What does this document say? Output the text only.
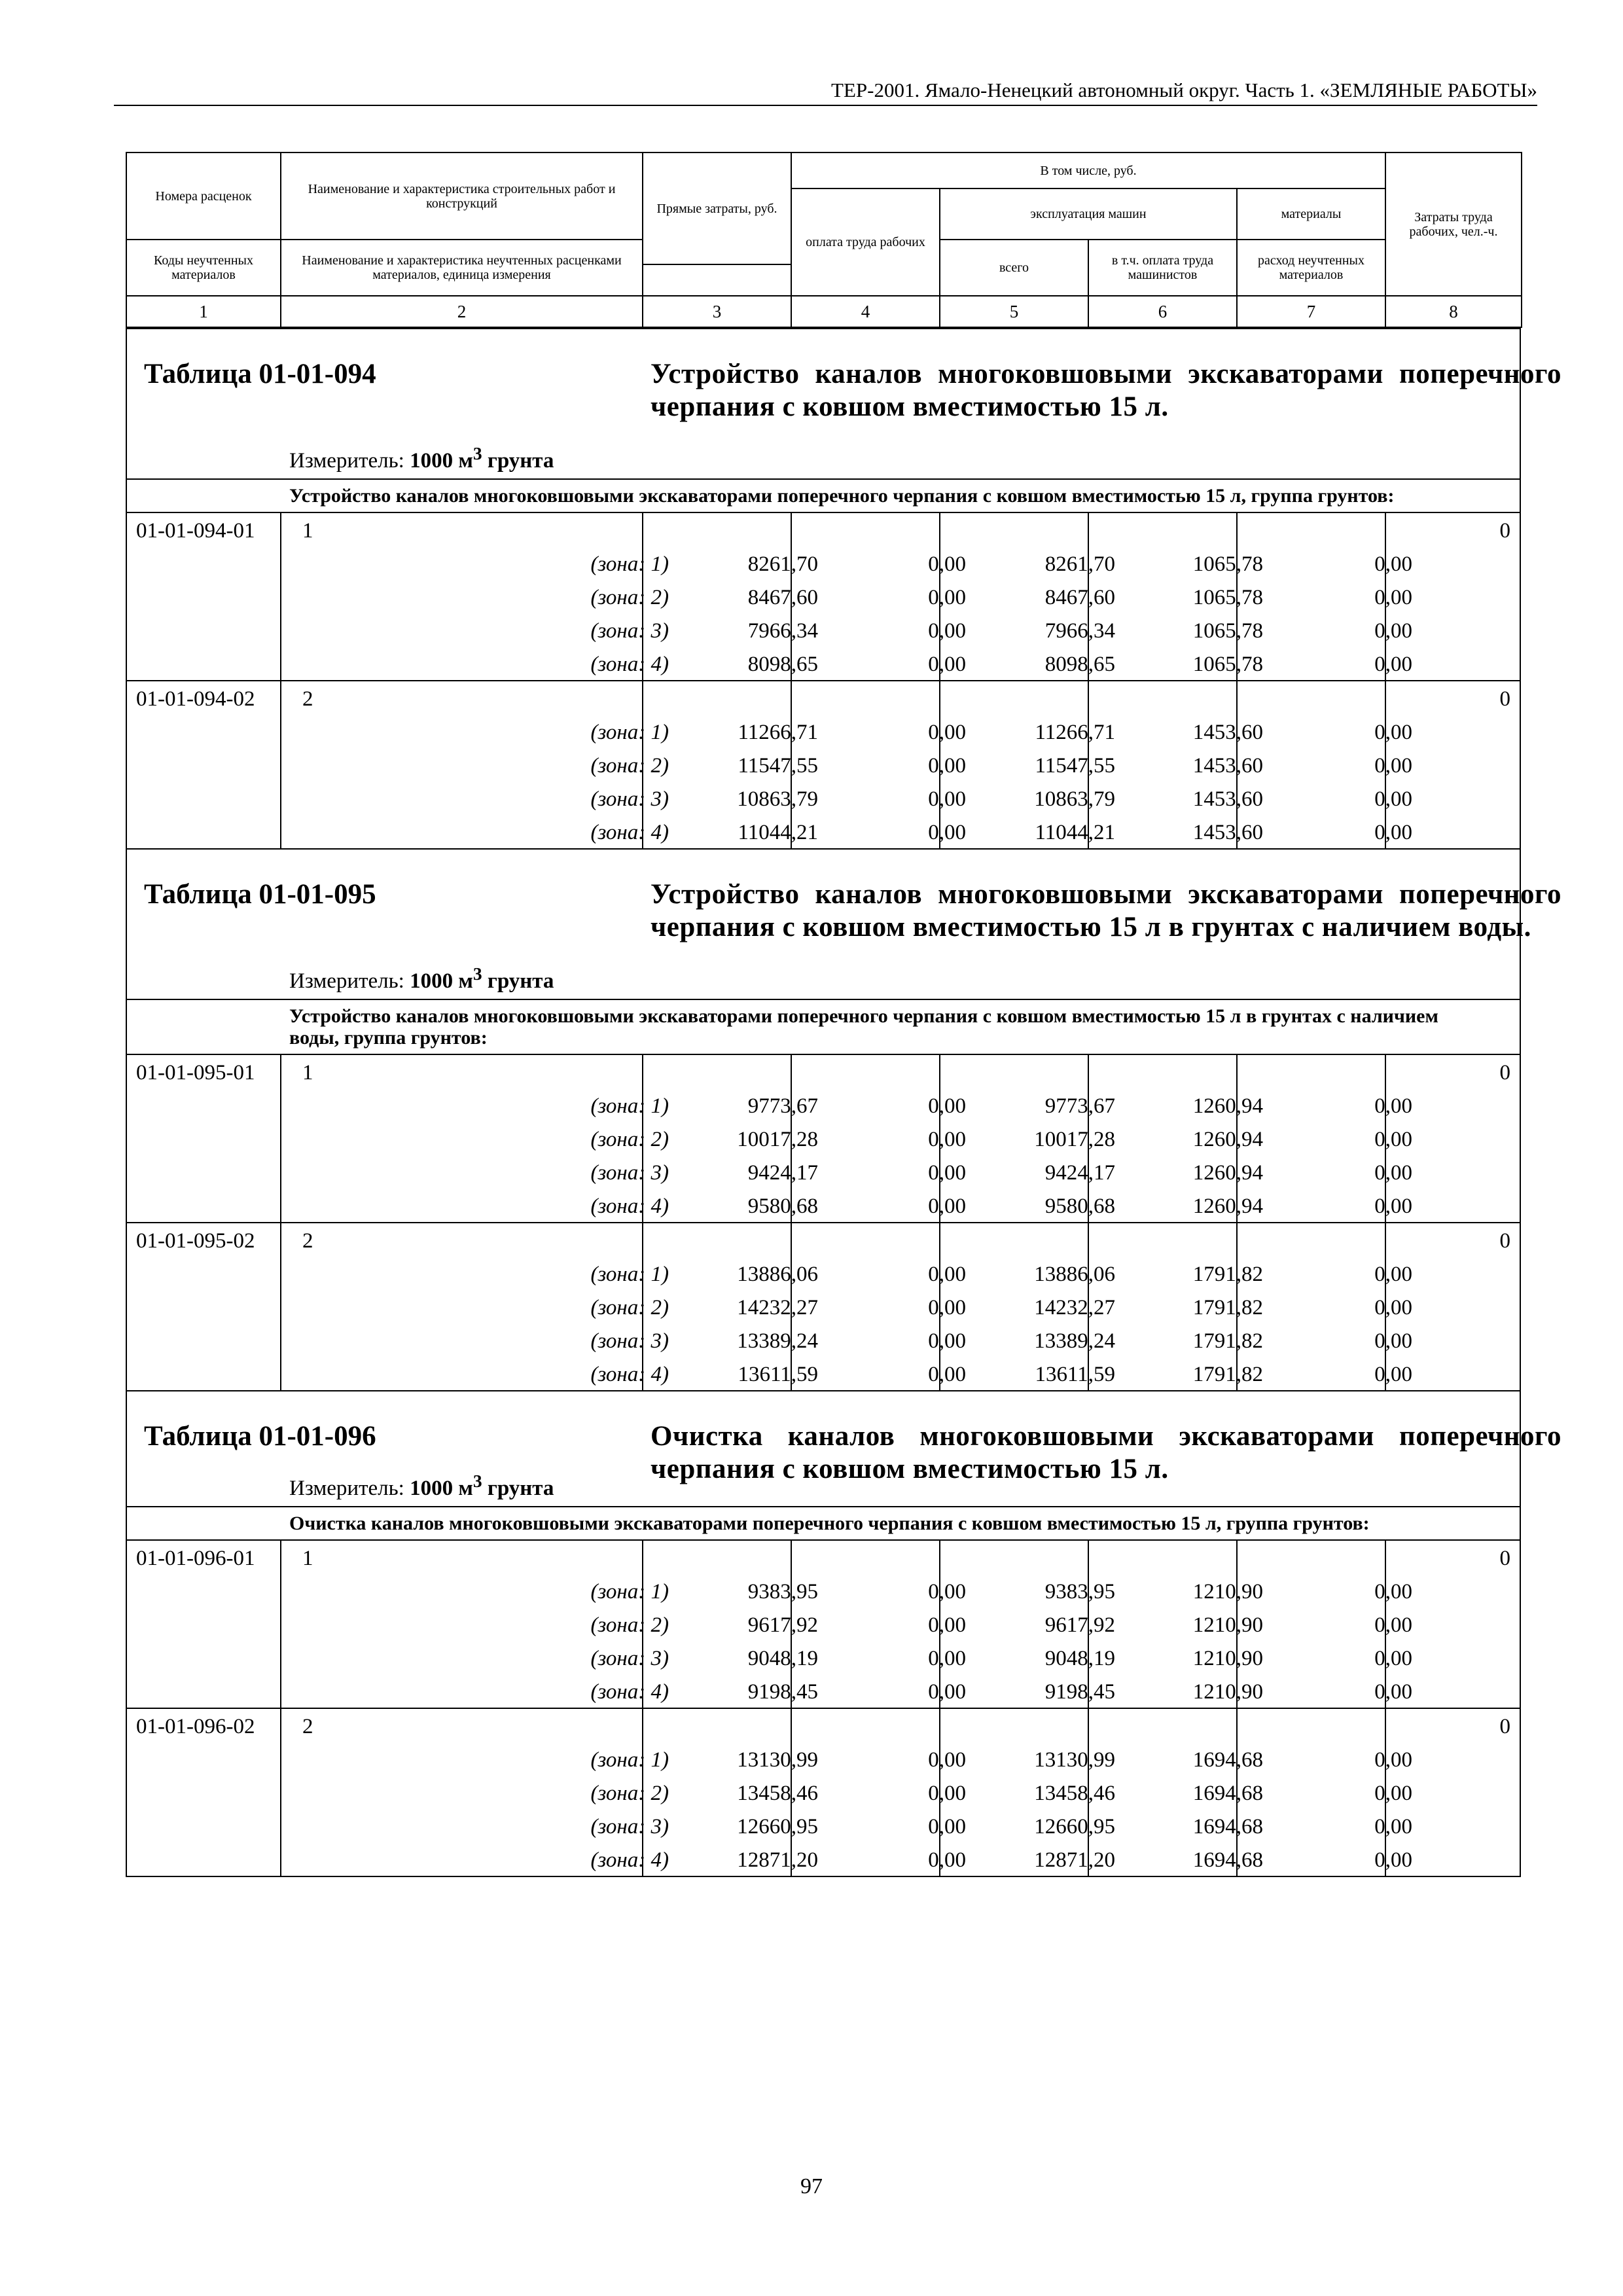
ТЕР-2001. Ямало-Ненецкий автономный округ. Часть 1. «ЗЕМЛЯНЫЕ РАБОТЫ»
Номера расценок	Наименование и характеристика строительных работ и конструкций	Прямые затраты, руб.	В том числе, руб.				Затраты труда рабочих, чел.-ч.
			оплата труда рабочих	эксплуатация машин		материалы	

Коды неучтенных материалов	Наименование и характеристика неучтенных расценками материалов, единица измерения			всего	в т.ч. оплата труда машинистов	расход неучтенных материалов	

1	2	3	4	5	6	7	8
Таблица 01-01-094	Устройство каналов многоковшовыми экскаваторами поперечного черпания с ковшом вместимостью 15 л.
Измеритель: 1000 $м^3$ грунта
Устройство каналов многоковшовыми экскаваторами поперечного черпания с ковшом вместимостью 15 л, группа грунтов:
01-01-094-01 1	0
(зона: 1)	8261,70	0,00	8261,70	1065,78	0,00
(зона: 2)	8467,60	0,00	8467,60	1065,78	0,00
(зона: 3)	7966,34	0,00	7966,34	1065,78	0,00
(зона: 4)	8098,65	0,00	8098,65	1065,78	0,00
01-01-094-02 2	0
(зона: 1)	11266,71	0,00	11266,71	1453,60	0,00
(зона: 2)	11547,55	0,00	11547,55	1453,60	0,00
(зона: 3)	10863,79	0,00	10863,79	1453,60	0,00
(зона: 4)	11044,21	0,00	11044,21	1453,60	0,00
Таблица 01-01-095	Устройство каналов многоковшовыми экскаваторами поперечного черпания с ковшом вместимостью 15 л в грунтах с наличием воды.
Измеритель: 1000 $м^3$ грунта
Устройство каналов многоковшовыми экскаваторами поперечного черпания с ковшом вместимостью 15 л в грунтах с наличием воды, группа грунтов:
01-01-095-01 1	0
(зона: 1)	9773,67	0,00	9773,67	1260,94	0,00
(зона: 2)	10017,28	0,00	10017,28	1260,94	0,00
(зона: 3)	9424,17	0,00	9424,17	1260,94	0,00
(зона: 4)	9580,68	0,00	9580,68	1260,94	0,00
01-01-095-02 2	0
(зона: 1)	13886,06	0,00	13886,06	1791,82	0,00
(зона: 2)	14232,27	0,00	14232,27	1791,82	0,00
(зона: 3)	13389,24	0,00	13389,24	1791,82	0,00
(зона: 4)	13611,59	0,00	13611,59	1791,82	0,00
Таблица 01-01-096	Очистка каналов многоковшовыми экскаваторами поперечного черпания с ковшом вместимостью 15 л.
Измеритель: 1000 $м^3$ грунта
Очистка каналов многоковшовыми экскаваторами поперечного черпания с ковшом вместимостью 15 л, группа грунтов:
01-01-096-01 1	0
(зона: 1)	9383,95	0,00	9383,95	1210,90	0,00
(зона: 2)	9617,92	0,00	9617,92	1210,90	0,00
(зона: 3)	9048,19	0,00	9048,19	1210,90	0,00
(зона: 4)	9198,45	0,00	9198,45	1210,90	0,00
01-01-096-02 2	0
(зона: 1)	13130,99	0,00	13130,99	1694,68	0,00
(зона: 2)	13458,46	0,00	13458,46	1694,68	0,00
(зона: 3)	12660,95	0,00	12660,95	1694,68	0,00
(зона: 4)	12871,20	0,00	12871,20	1694,68	0,00
97
